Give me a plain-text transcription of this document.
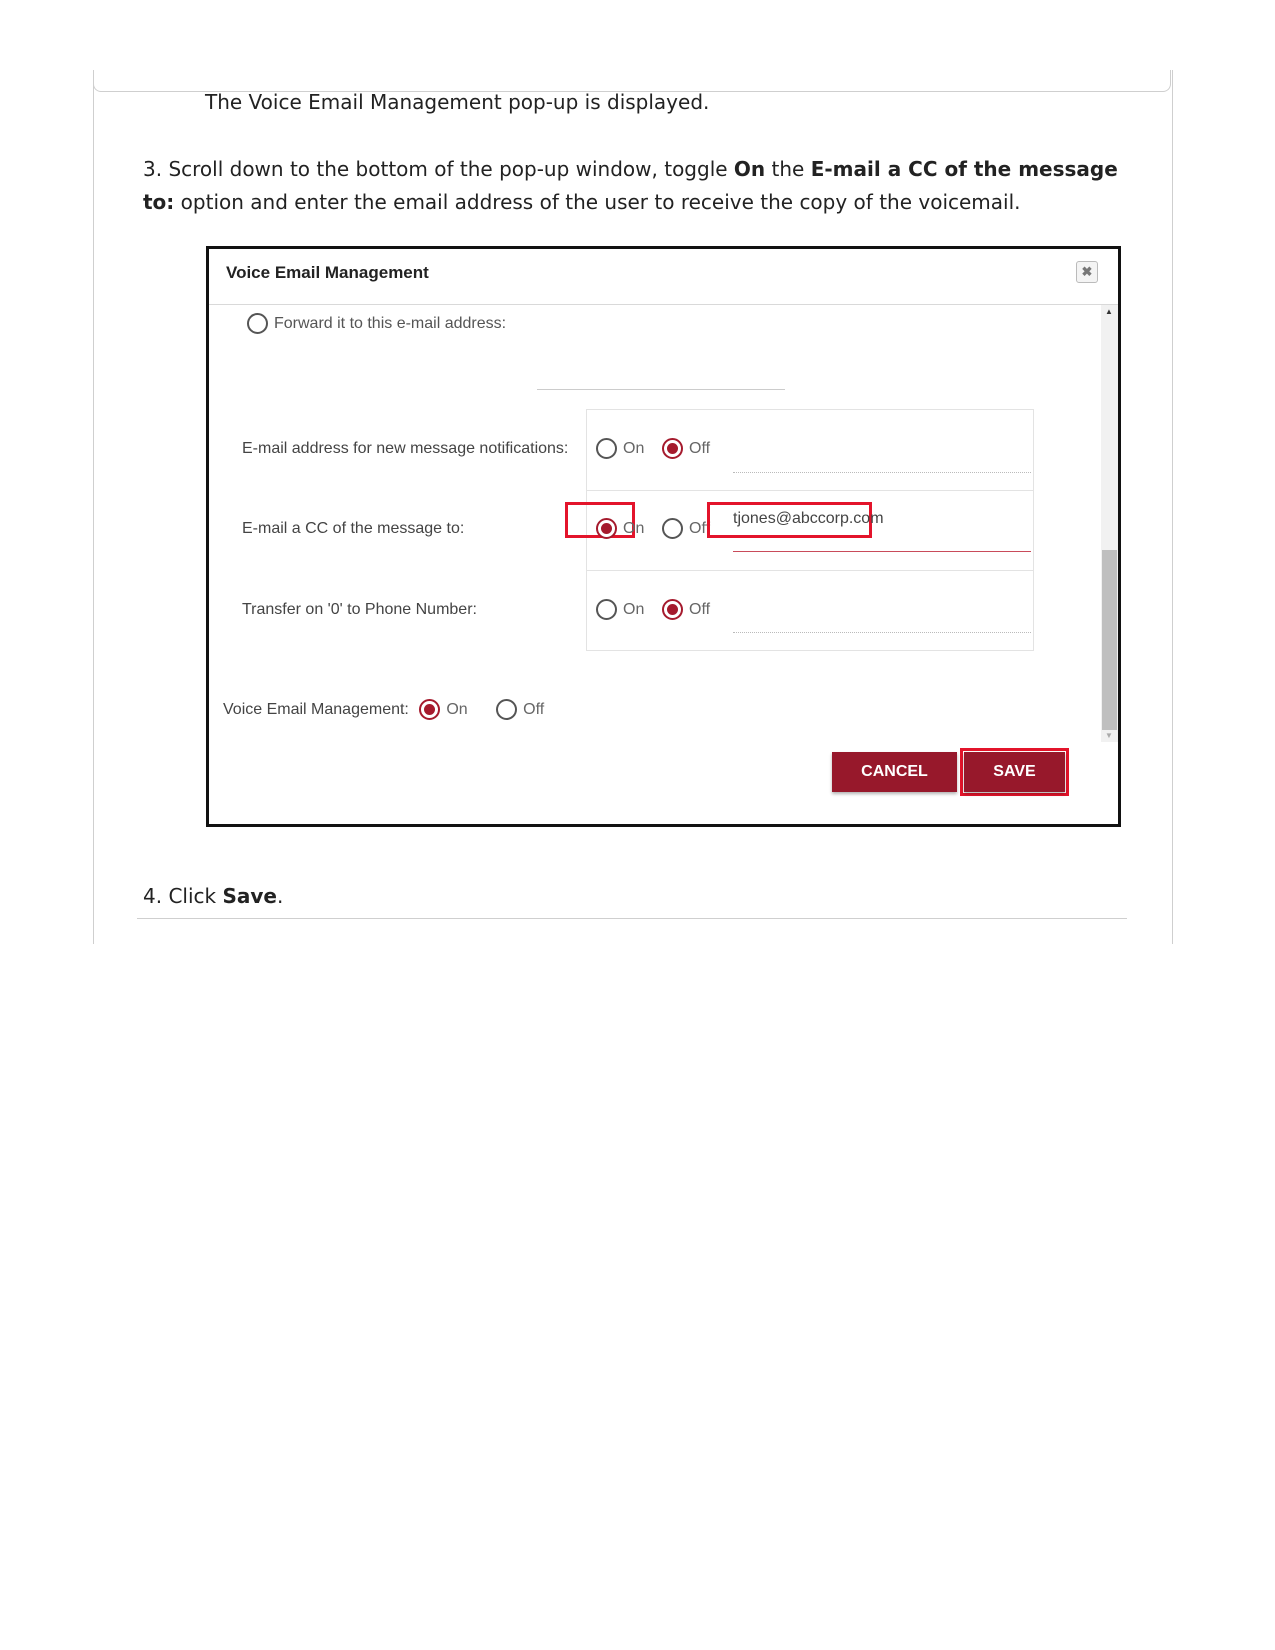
The Voice Email Management pop-up is displayed.
3. Scroll down to the bottom of the pop-up window, toggle On the E-mail a CC of the message to: option and enter the email address of the user to receive the copy of the voicemail.
Voice Email Management	✖
Forward it to this e-mail address:
E-mail address for new message notifications:	On	Off
E-mail a CC of the message to:	On	Off
tjones@abccorp.com
Transfer on '0' to Phone Number:	On	Off
Voice Email Management: On	Off
▲
▼
CANCEL	SAVE
4. Click Save.
